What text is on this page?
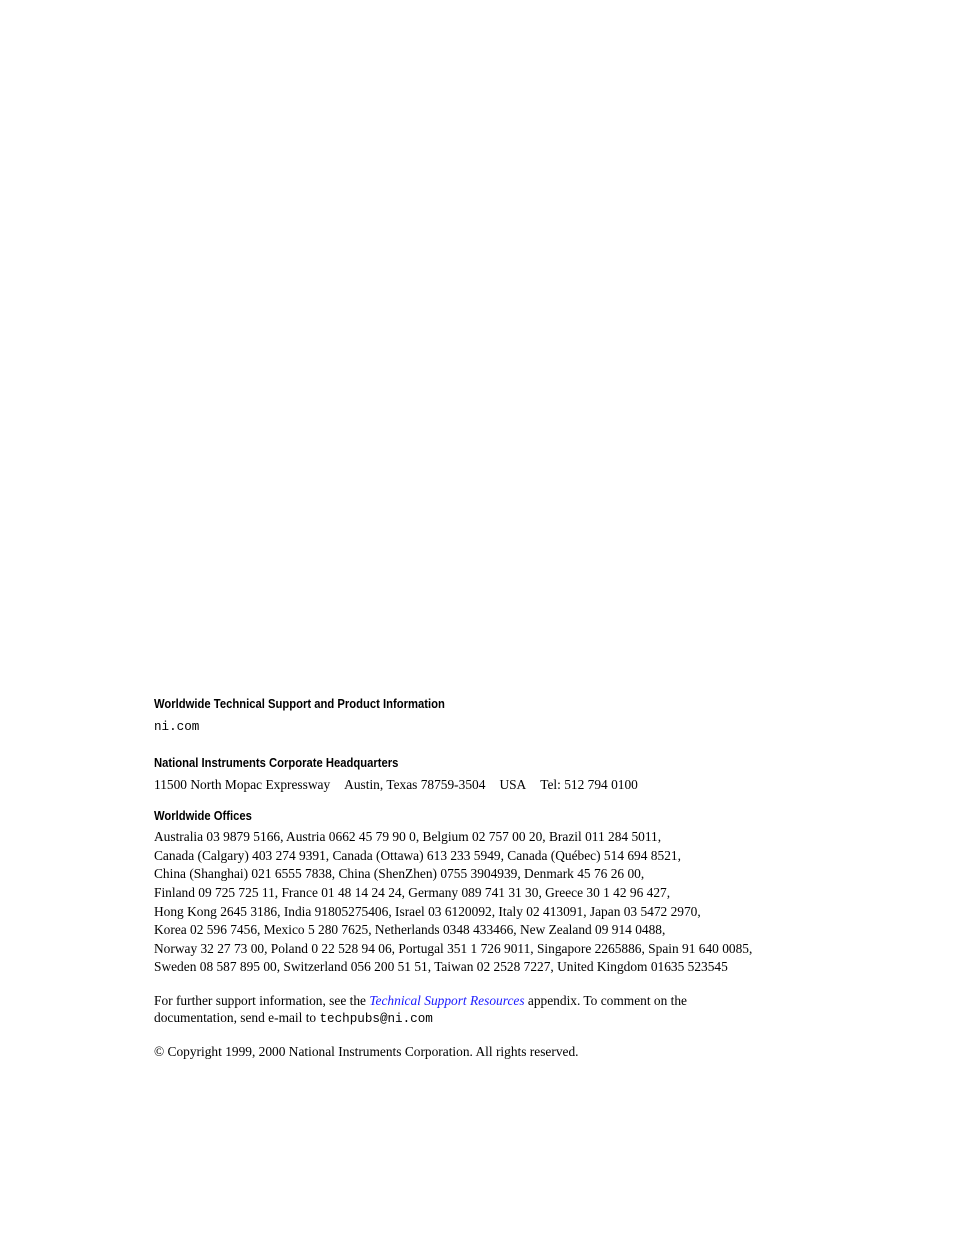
Worldwide Technical Support and Product Information

ni.com

National Instruments Corporate Headquarters

11500 North Mopac Expressway Austin, Texas 78759-3504 USA Tel: 512 794 0100

Worldwide Offices

Australia 03 9879 5166, Austria 0662 45 79 90 0, Belgium 02 757 00 20, Brazil 011 284 5011,

Canada (Calgary) 403 274 9391, Canada (Ottawa) 613 233 5949, Canada (Québec) 514 694 8521,

China (Shanghai) 021 6555 7838, China (ShenZhen) 0755 3904939, Denmark 45 76 26 00,

Finland 09 725 725 11, France 01 48 14 24 24, Germany 089 741 31 30, Greece 30 1 42 96 427,

Hong Kong 2645 3186, India 91805275406, Israel 03 6120092, Italy 02 413091, Japan 03 5472 2970,

Korea 02 596 7456, Mexico 5 280 7625, Netherlands 0348 433466, New Zealand 09 914 0488,

Norway 32 27 73 00, Poland 0 22 528 94 06, Portugal 351 1 726 9011, Singapore 2265886, Spain 91 640 0085,

Sweden 08 587 895 00, Switzerland 056 200 51 51, Taiwan 02 2528 7227, United Kingdom 01635 523545

For further support information, see the Technical Support Resources appendix. To comment on the

documentation, send e-mail to techpubs@ni.com

© Copyright 1999, 2000 National Instruments Corporation. All rights reserved.
